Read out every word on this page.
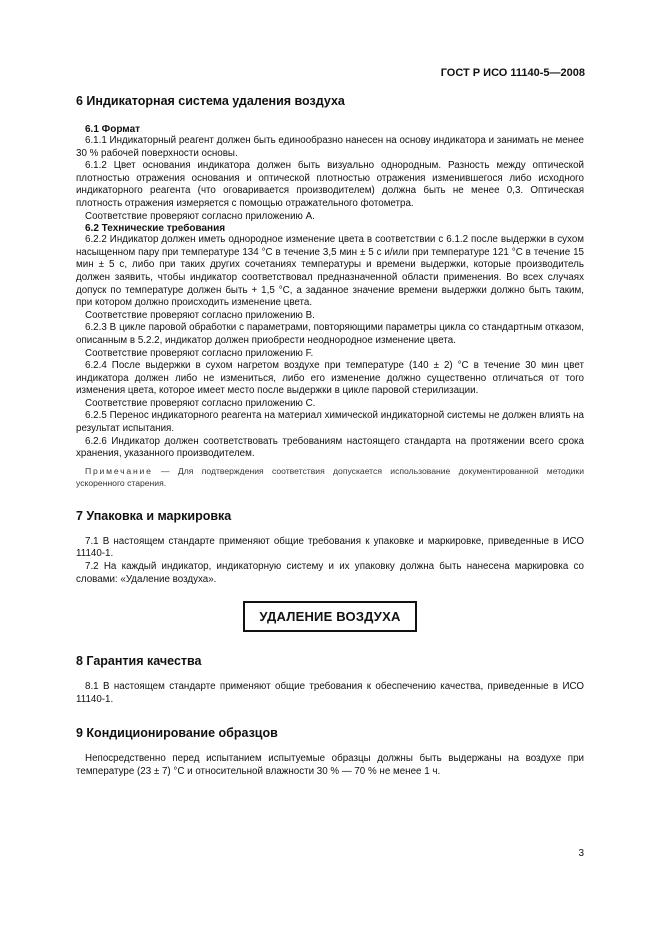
ГОСТ Р ИСО 11140-5—2008
6 Индикаторная система удаления воздуха
6.1 Формат

6.1.1 Индикаторный реагент должен быть единообразно нанесен на основу индикатора и занимать не менее 30 % рабочей поверхности основы.

6.1.2 Цвет основания индикатора должен быть визуально однородным. Разность между оптической плотностью отражения основания и оптической плотностью отражения изменившегося либо исходного индикаторного реагента (что оговаривается производителем) должна быть не менее 0,3. Оптическая плотность отражения измеряется с помощью отражательного фотометра.

Соответствие проверяют согласно приложению А.

6.2 Технические требования

6.2.2 Индикатор должен иметь однородное изменение цвета в соответствии с 6.1.2 после выдержки в сухом насыщенном пару при температуре 134 °С в течение 3,5 мин ± 5 с и/или при температуре 121 °С в течение 15 мин ± 5 с, либо при таких других сочетаниях температуры и времени выдержки, которые производитель должен заявить, чтобы индикатор соответствовал предназначенной области применения. Во всех случаях допуск по температуре должен быть + 1,5 °С, а заданное значение времени выдержки должно быть таким, при котором должно происходить изменение цвета.

Соответствие проверяют согласно приложению В.

6.2.3 В цикле паровой обработки с параметрами, повторяющими параметры цикла со стандартным отказом, описанным в 5.2.2, индикатор должен приобрести неоднородное изменение цвета.

Соответствие проверяют согласно приложению F.

6.2.4 После выдержки в сухом нагретом воздухе при температуре (140 ± 2) °С в течение 30 мин цвет индикатора должен либо не измениться, либо его изменение должно существенно отличаться от того изменения цвета, которое имеет место после выдержки в цикле паровой стерилизации.

Соответствие проверяют согласно приложению С.

6.2.5 Перенос индикаторного реагента на материал химической индикаторной системы не должен влиять на результат испытания.

6.2.6 Индикатор должен соответствовать требованиям настоящего стандарта на протяжении всего срока хранения, указанного производителем.

Примечание — Для подтверждения соответствия допускается использование документированной методики ускоренного старения.

7 Упаковка и маркировка

7.1 В настоящем стандарте применяют общие требования к упаковке и маркировке, приведенные в ИСО 11140-1.

7.2 На каждый индикатор, индикаторную систему и их упаковку должна быть нанесена маркировка со словами: «Удаление воздуха».

УДАЛЕНИЕ ВОЗДУХА
8 Гарантия качества

8.1 В настоящем стандарте применяют общие требования к обеспечению качества, приведенные в ИСО 11140-1.

9 Кондиционирование образцов

Непосредственно перед испытанием испытуемые образцы должны быть выдержаны на воздухе при температуре (23 ± 7) °С и относительной влажности 30 % — 70 % не менее 1 ч.

3
